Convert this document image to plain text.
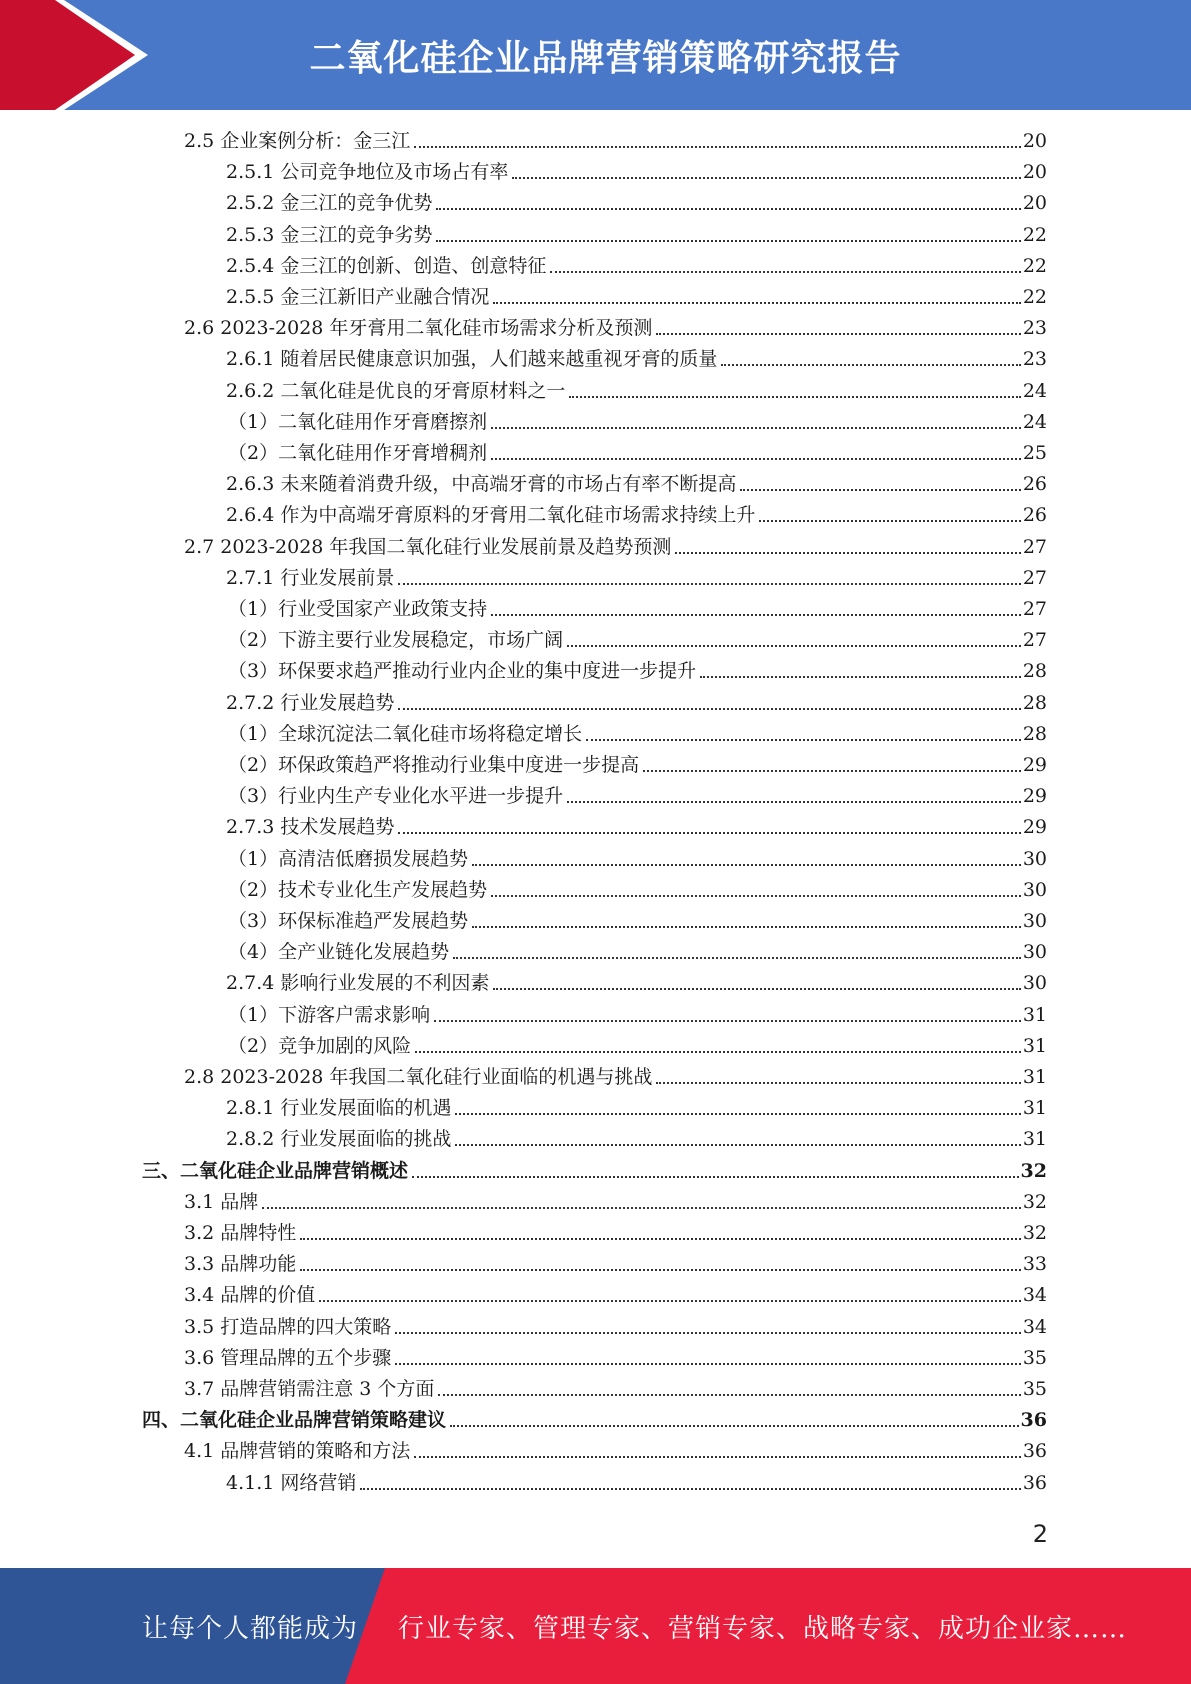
二氧化硅企业品牌营销策略研究报告
2.5 企业案例分析：金三江	20
2.5.1 公司竞争地位及市场占有率	20
2.5.2 金三江的竞争优势	20
2.5.3 金三江的竞争劣势	22
2.5.4 金三江的创新、创造、创意特征	22
2.5.5 金三江新旧产业融合情况	22
2.6 2023-2028 年牙膏用二氧化硅市场需求分析及预测	23
2.6.1 随着居民健康意识加强，人们越来越重视牙膏的质量	23
2.6.2 二氧化硅是优良的牙膏原材料之一	24
（1）二氧化硅用作牙膏磨擦剂	24
（2）二氧化硅用作牙膏增稠剂	25
2.6.3 未来随着消费升级，中高端牙膏的市场占有率不断提高	26
2.6.4 作为中高端牙膏原料的牙膏用二氧化硅市场需求持续上升	26
2.7 2023-2028 年我国二氧化硅行业发展前景及趋势预测	27
2.7.1 行业发展前景	27
（1）行业受国家产业政策支持	27
（2）下游主要行业发展稳定，市场广阔	27
（3）环保要求趋严推动行业内企业的集中度进一步提升	28
2.7.2 行业发展趋势	28
（1）全球沉淀法二氧化硅市场将稳定增长	28
（2）环保政策趋严将推动行业集中度进一步提高	29
（3）行业内生产专业化水平进一步提升	29
2.7.3 技术发展趋势	29
（1）高清洁低磨损发展趋势	30
（2）技术专业化生产发展趋势	30
（3）环保标准趋严发展趋势	30
（4）全产业链化发展趋势	30
2.7.4 影响行业发展的不利因素	30
（1）下游客户需求影响	31
（2）竞争加剧的风险	31
2.8 2023-2028 年我国二氧化硅行业面临的机遇与挑战	31
2.8.1 行业发展面临的机遇	31
2.8.2 行业发展面临的挑战	31
三、二氧化硅企业品牌营销概述	32
3.1 品牌	32
3.2 品牌特性	32
3.3 品牌功能	33
3.4 品牌的价值	34
3.5 打造品牌的四大策略	34
3.6 管理品牌的五个步骤	35
3.7 品牌营销需注意 3 个方面	35
四、二氧化硅企业品牌营销策略建议	36
4.1 品牌营销的策略和方法	36
4.1.1 网络营销	36
2
让每个人都能成为 行业专家、管理专家、营销专家、战略专家、成功企业家……
